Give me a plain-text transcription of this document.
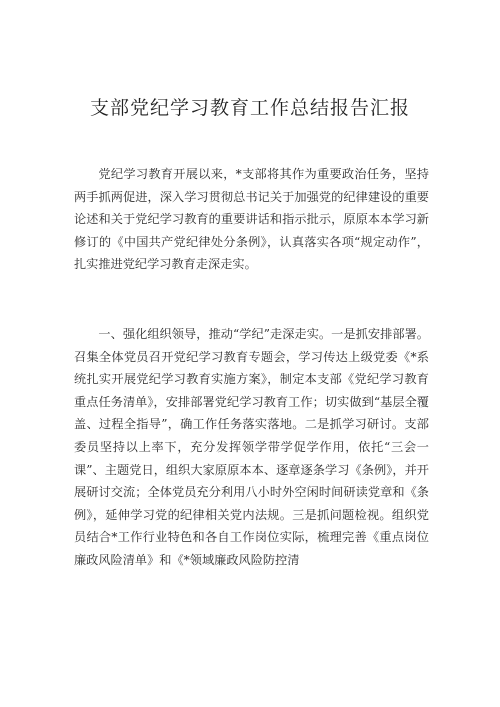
支部党纪学习教育工作总结报告汇报

党纪学习教育开展以来，*支部将其作为重要政治任务，坚持两手抓两促进，深入学习贯彻总书记关于加强党的纪律建设的重要论述和关于党纪学习教育的重要讲话和指示批示，原原本本学习新修订的《中国共产党纪律处分条例》，认真落实各项“规定动作”，扎实推进党纪学习教育走深走实。

一、强化组织领导，推动“学纪”走深走实。一是抓安排部署。召集全体党员召开党纪学习教育专题会，学习传达上级党委《*系统扎实开展党纪学习教育实施方案》，制定本支部《党纪学习教育重点任务清单》，安排部署党纪学习教育工作；切实做到“基层全覆盖、过程全指导”，确工作任务落实落地。二是抓学习研讨。支部委员坚持以上率下，充分发挥领学带学促学作用，依托“三会一课”、主题党日，组织大家原原本本、逐章逐条学习《条例》，并开展研讨交流；全体党员充分利用八小时外空闲时间研读党章和《条例》，延伸学习党的纪律相关党内法规。三是抓问题检视。组织党员结合*工作行业特色和各自工作岗位实际，梳理完善《重点岗位廉政风险清单》和《*领域廉政风险防控清
